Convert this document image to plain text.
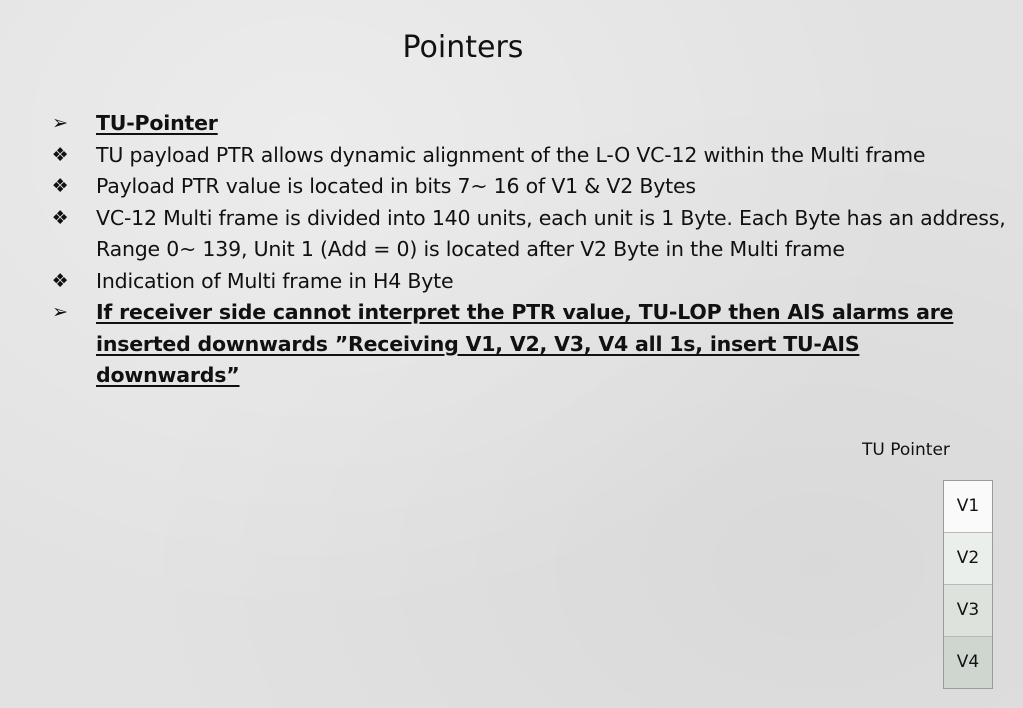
Pointers
➢ TU-Pointer
❖ TU payload PTR allows dynamic alignment of the L-O VC-12 within the Multi frame
❖ Payload PTR value is located in bits 7~ 16 of V1 & V2 Bytes
❖ VC-12 Multi frame is divided into 140 units, each unit is 1 Byte. Each Byte has an address, Range 0~ 139, Unit 1 (Add = 0) is located after V2 Byte in the Multi frame
❖ Indication of Multi frame in H4 Byte
➢ If receiver side cannot interpret the PTR value, TU-LOP then AIS alarms are inserted downwards ”Receiving V1, V2, V3, V4 all 1s, insert TU-AIS downwards”
TU Pointer
V1
V2
V3
V4
